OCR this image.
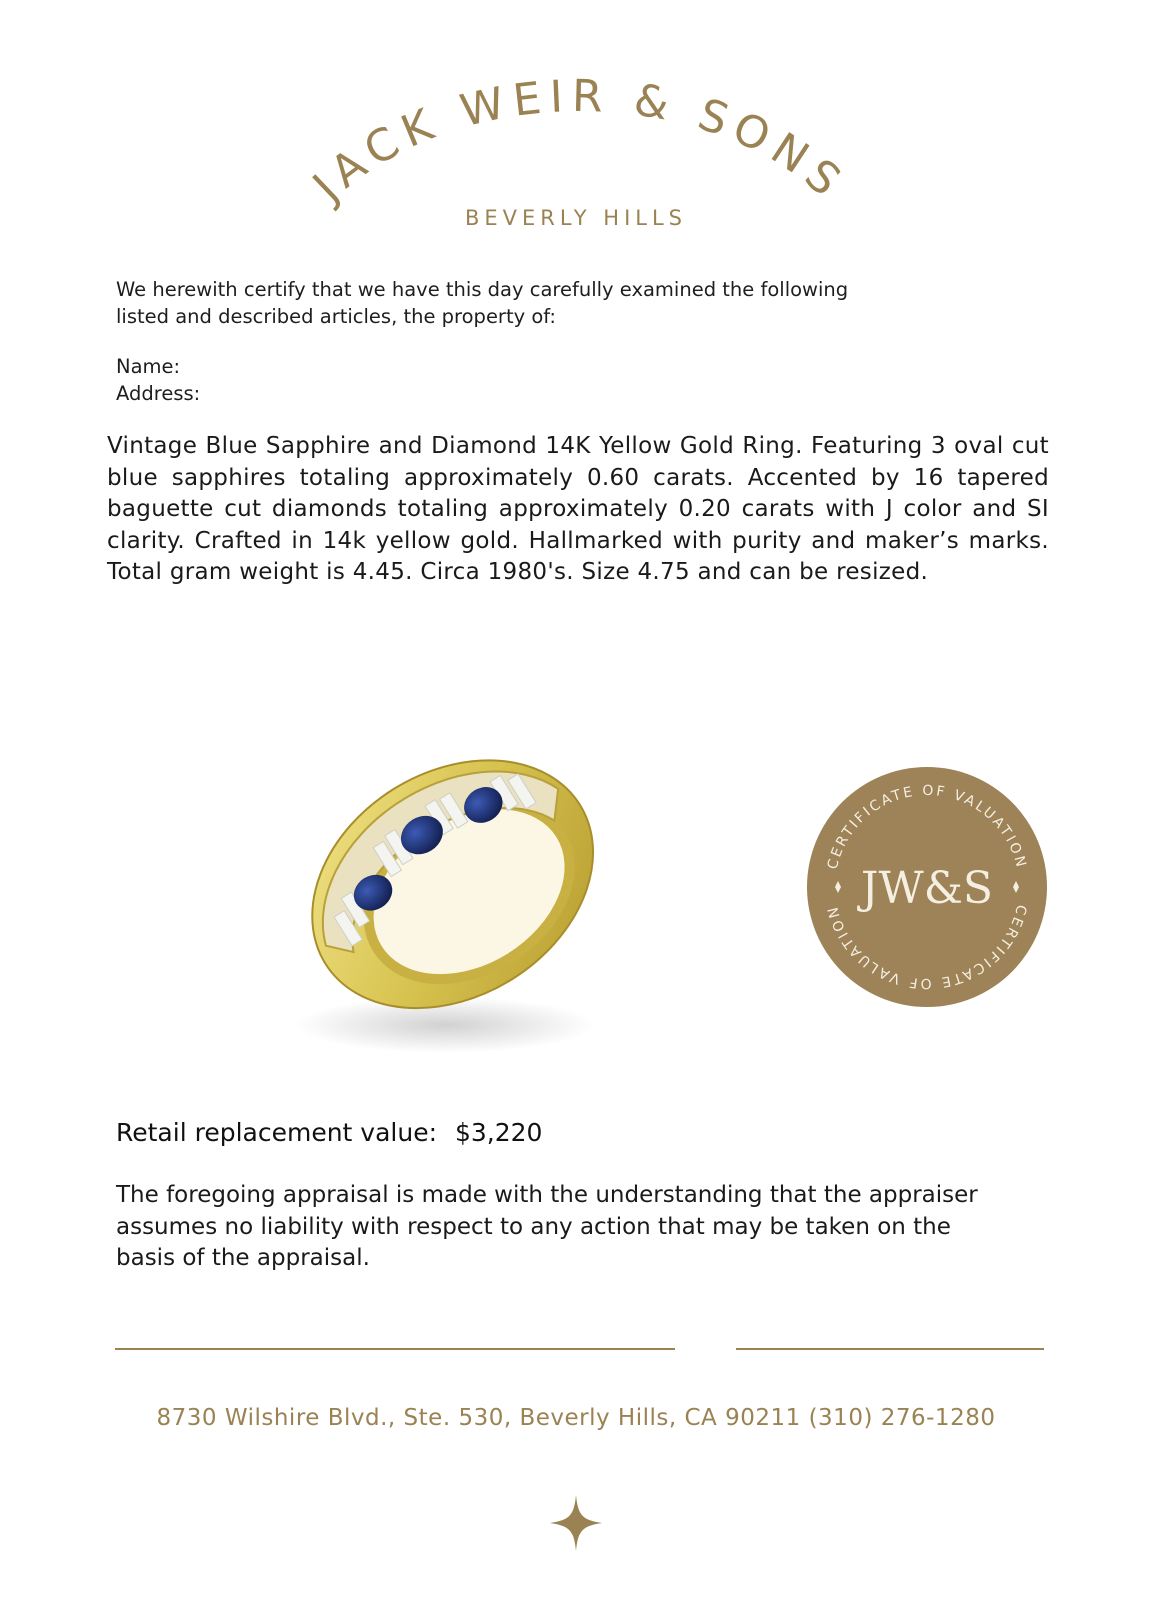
JACK WEIR & SONS
BEVERLY HILLS
We herewith certify that we have this day carefully examined the following listed and described articles, the property of:
Name:
Address:
Vintage Blue Sapphire and Diamond 14K Yellow Gold Ring. Featuring 3 oval cut blue sapphires totaling approximately 0.60 carats. Accented by 16 tapered baguette cut diamonds totaling approximately 0.20 carats with J color and SI clarity. Crafted in 14k yellow gold. Hallmarked with purity and maker’s marks. Total gram weight is 4.45. Circa 1980's. Size 4.75 and can be resized.
CERTIFICATE OF VALUATION
CERTIFICATE OF VALUATION JW&S
Retail replacement value: $3,220
The foregoing appraisal is made with the understanding that the appraiser assumes no liability with respect to any action that may be taken on the basis of the appraisal.
8730 Wilshire Blvd., Ste. 530, Beverly Hills, CA 90211 (310) 276-1280
